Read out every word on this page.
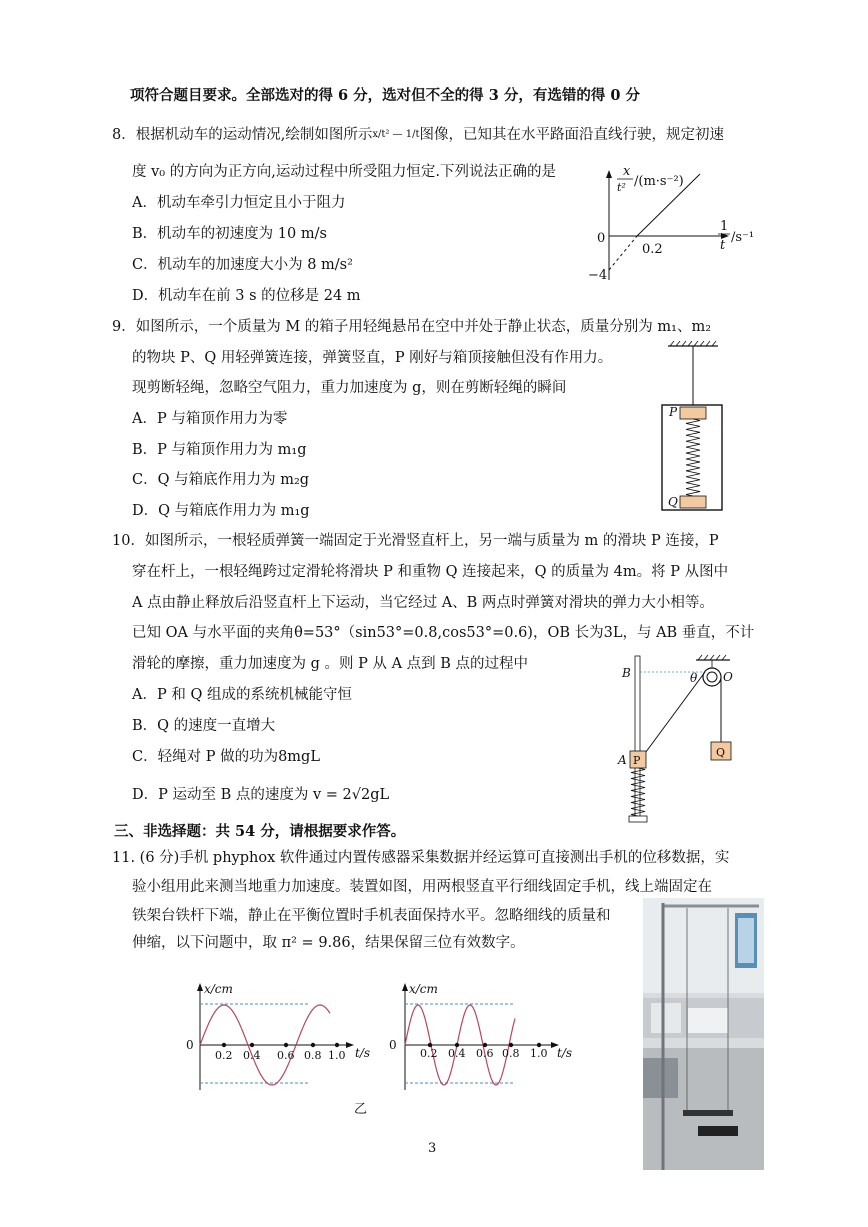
项符合题目要求。全部选对的得 6 分，选对但不全的得 3 分，有选错的得 0 分
8．根据机动车的运动情况,绘制如图所示x/t² — 1/t图像，已知其在水平路面沿直线行驶，规定初速
度 v₀ 的方向为正方向,运动过程中所受阻力恒定.下列说法正确的是
A．机动车牵引力恒定且小于阻力
B．机动车的初速度为 10 m/s
C．机动车的加速度大小为 8 m/s²
D．机动车在前 3 s 的位移是 24 m
x
t² /(m·s⁻²)
0
0.2
−4
1
t
/s⁻¹
9．如图所示，一个质量为 M 的箱子用轻绳悬吊在空中并处于静止状态，质量分别为 m₁、m₂
的物块 P、Q 用轻弹簧连接，弹簧竖直，P 刚好与箱顶接触但没有作用力。
现剪断轻绳，忽略空气阻力，重力加速度为 g，则在剪断轻绳的瞬间
A．P 与箱顶作用力为零
B．P 与箱顶作用力为 m₁g
C．Q 与箱底作用力为 m₂g
D．Q 与箱底作用力为 m₁g
P
Q
10．如图所示，一根轻质弹簧一端固定于光滑竖直杆上，另一端与质量为 m 的滑块 P 连接，P
穿在杆上，一根轻绳跨过定滑轮将滑块 P 和重物 Q 连接起来，Q 的质量为 4m。将 P 从图中
A 点由静止释放后沿竖直杆上下运动，当它经过 A、B 两点时弹簧对滑块的弹力大小相等。
已知 OA 与水平面的夹角θ=53°（sin53°=0.8,cos53°=0.6)，OB 长为3L，与 AB 垂直，不计
滑轮的摩擦，重力加速度为 g 。则 P 从 A 点到 B 点的过程中
A．P 和 Q 组成的系统机械能守恒
B．Q 的速度一直增大
C．轻绳对 P 做的功为8mgL
D．P 运动至 B 点的速度为 v = 2√2gL
B
A
O
θ
P
Q
三、非选择题：共 54 分，请根据要求作答。
11. (6 分)手机 phyphox 软件通过内置传感器采集数据并经运算可直接测出手机的位移数据，实
验小组用此来测当地重力加速度。装置如图，用两根竖直平行细线固定手机，线上端固定在
铁架台铁杆下端，静止在平衡位置时手机表面保持水平。忽略细线的质量和
伸缩，以下问题中，取 π² = 9.86，结果保留三位有效数字。
x/cm
0
t/s
0.2 0.4 0.6 0.8 1.0
x/cm
0
t/s
0.2 0.4 0.6 0.8 1.0
乙
3
